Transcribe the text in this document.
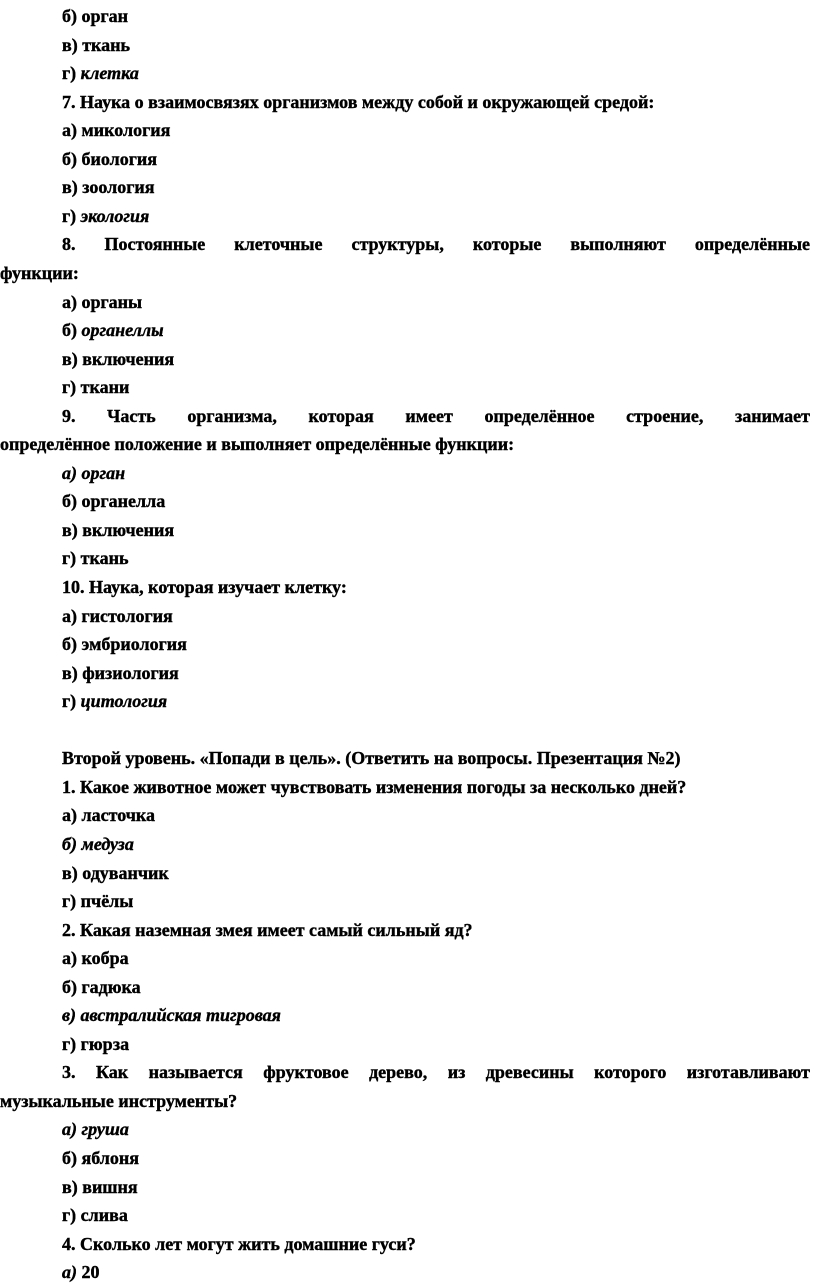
б) орган
в) ткань
г) клетка
7. Наука о взаимосвязях организмов между собой и окружающей средой:
а) микология
б) биология
в) зоология
г) экология
8. Постоянные клеточные структуры, которые выполняют определённые
функции:
а) органы
б) органеллы
в) включения
г) ткани
9. Часть организма, которая имеет определённое строение, занимает
определённое положение и выполняет определённые функции:
а) орган
б) органелла
в) включения
г) ткань
10. Наука, которая изучает клетку:
а) гистология
б) эмбриология
в) физиология
г) цитология
Второй уровень. «Попади в цель». (Ответить на вопросы. Презентация №2)
1. Какое животное может чувствовать изменения погоды за несколько дней?
а) ласточка
б) медуза
в) одуванчик
г) пчёлы
2. Какая наземная змея имеет самый сильный яд?
а) кобра
б) гадюка
в) австралийская тигровая
г) гюрза
3. Как называется фруктовое дерево, из древесины которого изготавливают
музыкальные инструменты?
а) груша
б) яблоня
в) вишня
г) слива
4. Сколько лет могут жить домашние гуси?
а) 20
